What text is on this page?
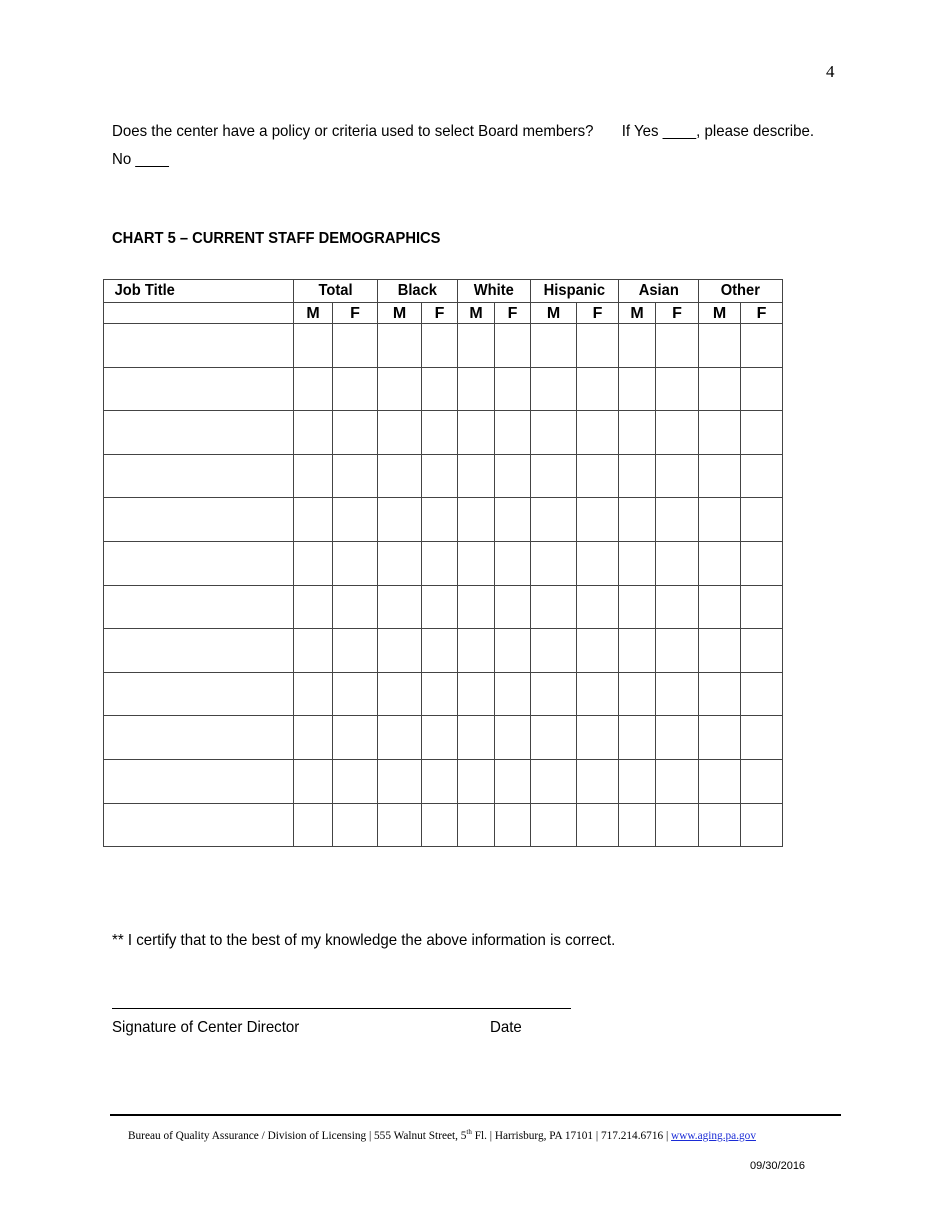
4
Does the center have a policy or criteria used to select Board members? If Yes ____, please describe.
No ____
CHART 5 – CURRENT STAFF DEMOGRAPHICS
Job Title	Total		Black		White		Hispanic		Asian		Other	
	M	F	M	F	M	F	M	F	M	F	M	F

** I certify that to the best of my knowledge the above information is correct.
Signature of Center Director	Date
Bureau of Quality Assurance / Division of Licensing | 555 Walnut Street, 5th Fl. | Harrisburg, PA 17101 | 717.214.6716 | www.aging.pa.gov
09/30/2016
